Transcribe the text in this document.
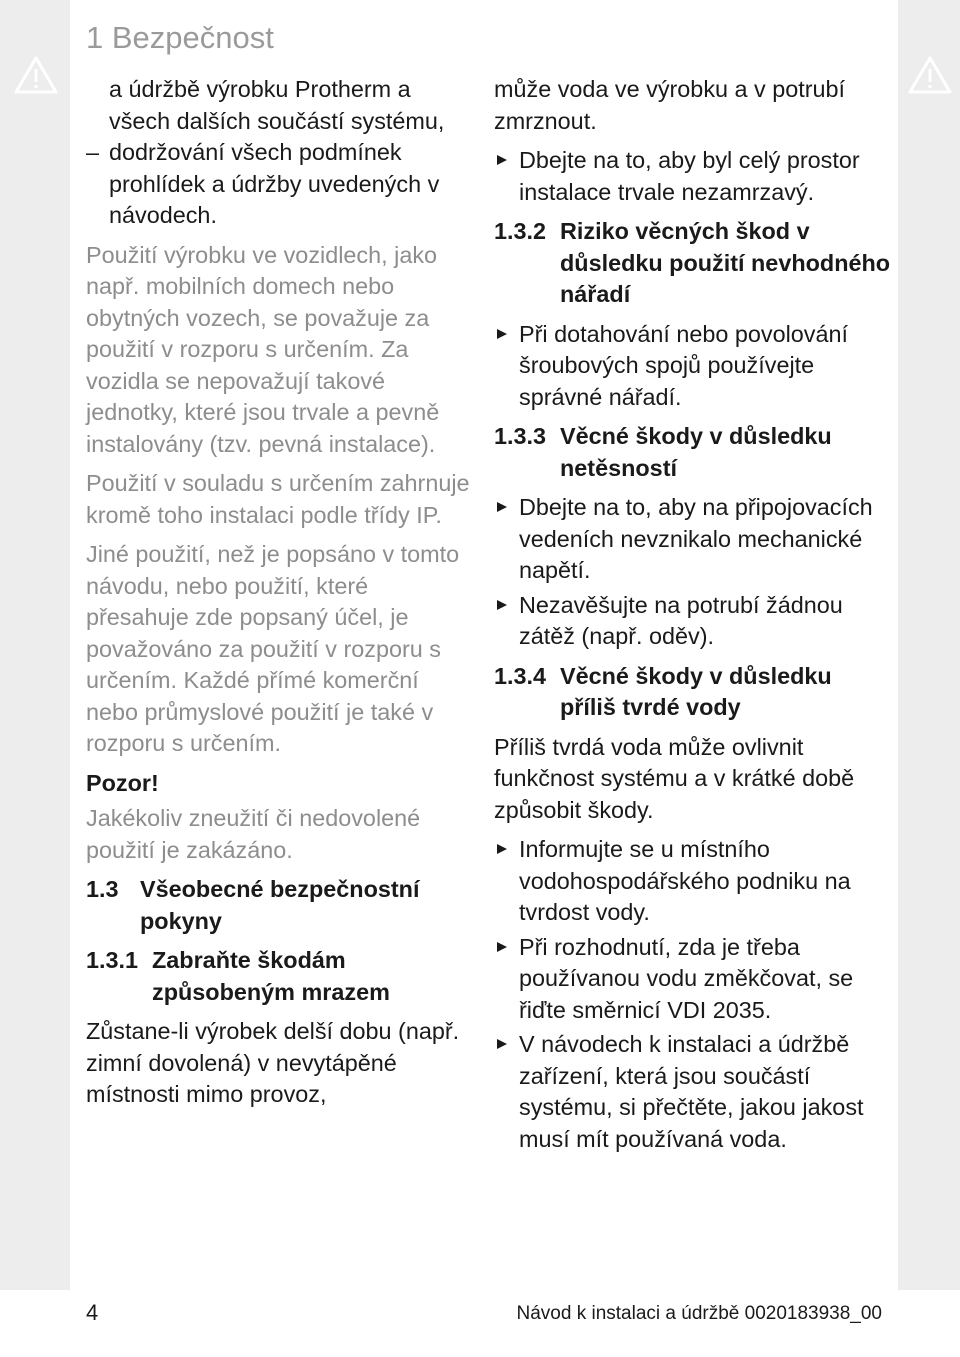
1 Bezpečnost

a údržbě výrobku Protherm a všech dalších součástí systému,

– dodržování všech podmínek prohlídek a údržby uvedených v návodech.

Použití výrobku ve vozidlech, jako např. mobilních domech nebo obytných vozech, se považuje za použití v rozporu s určením. Za vozidla se nepovažují takové jednotky, které jsou trvale a pevně instalovány (tzv. pevná instalace).

Použití v souladu s určením zahrnuje kromě toho instalaci podle třídy IP.

Jiné použití, než je popsáno v tomto návodu, nebo použití, které přesahuje zde popsaný účel, je považováno za použití v rozporu s určením. Každé přímé komerční nebo průmyslové použití je také v rozporu s určením.

Pozor!

Jakékoliv zneužití či nedovolené použití je zakázáno.

1.3 Všeobecné bezpečnostní pokyny
1.3.1 Zabraňte škodám způsobeným mrazem

Zůstane-li výrobek delší dobu (např. zimní dovolená) v nevytápěné místnosti mimo provoz,

může voda ve výrobku a v potrubí zmrznout.

Dbejte na to, aby byl celý prostor instalace trvale nezamrzavý.
1.3.2 Riziko věcných škod v důsledku použití nevhodného nářadí
Při dotahování nebo povolování šroubových spojů používejte správné nářadí.
1.3.3 Věcné škody v důsledku netěsností
Dbejte na to, aby na připojovacích vedeních nevznikalo mechanické napětí.
Nezavěšujte na potrubí žádnou zátěž (např. oděv).
1.3.4 Věcné škody v důsledku příliš tvrdé vody

Příliš tvrdá voda může ovlivnit funkčnost systému a v krátké době způsobit škody.

Informujte se u místního vodohospodářského podniku na tvrdost vody.
Při rozhodnutí, zda je třeba používanou vodu změkčovat, se řiďte směrnicí VDI 2035.
V návodech k instalaci a údržbě zařízení, která jsou součástí systému, si přečtěte, jakou jakost musí mít používaná voda.

4	Návod k instalaci a údržbě 0020183938_00
